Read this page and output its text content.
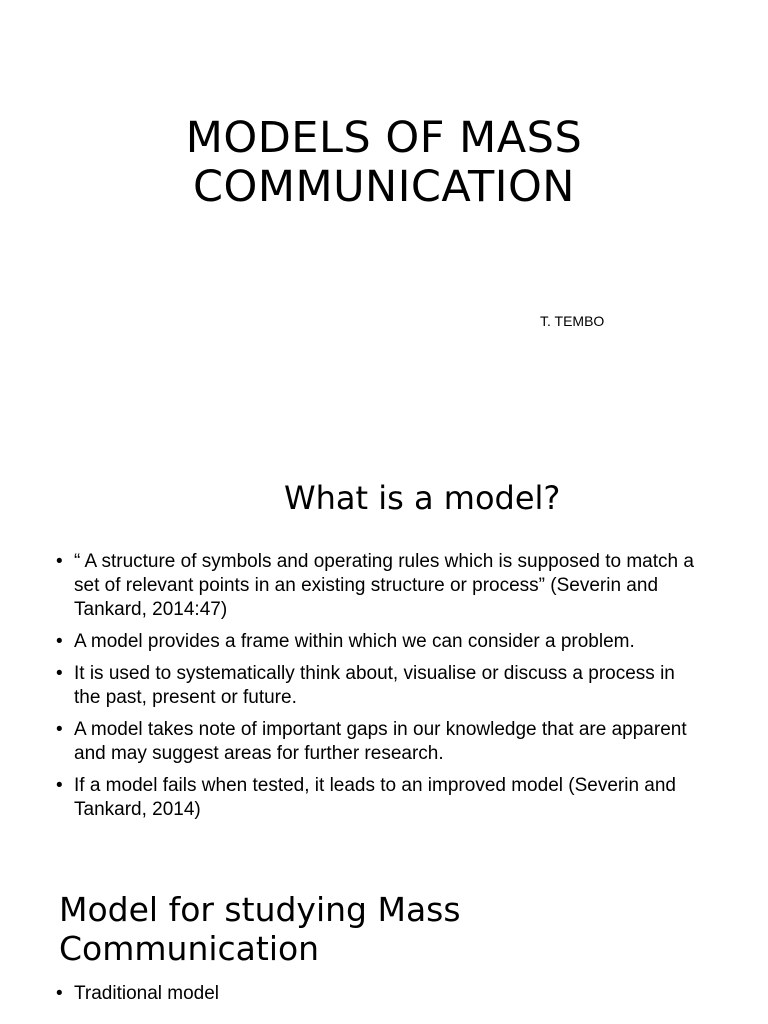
MODELS OF MASS
COMMUNICATION
T. TEMBO
What is a model?
• “ A structure of symbols and operating rules which is supposed to match a set of relevant points in an existing structure or process” (Severin and Tankard, 2014:47)
• A model provides a frame within which we can consider a problem.
• It is used to systematically think about, visualise or discuss a process in the past, present or future.
• A model takes note of important gaps in our knowledge that are apparent and may suggest areas for further research.
• If a model fails when tested, it leads to an improved model (Severin and Tankard, 2014)
Model for studying Mass
Communication
• Traditional model
